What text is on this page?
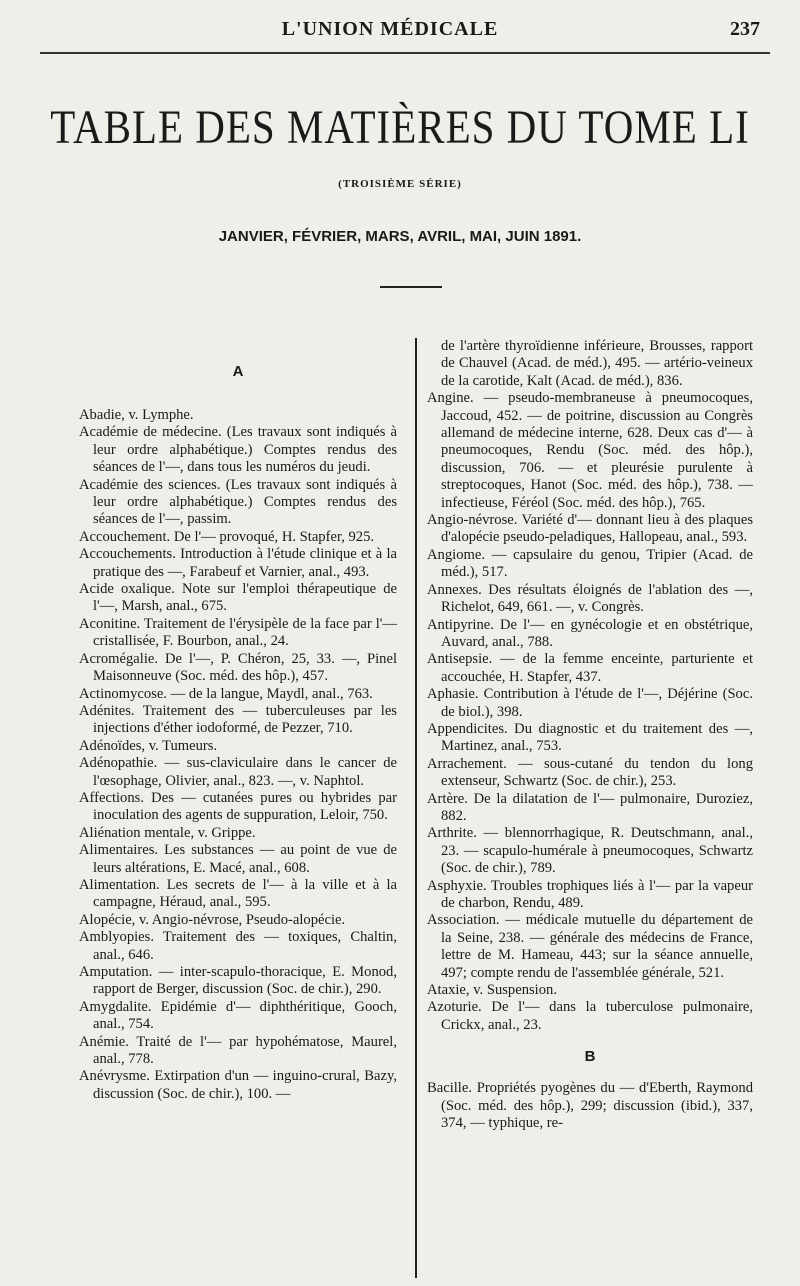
L'UNION MÉDICALE	237
TABLE DES MATIÈRES DU TOME LI
(TROISIÈME SÉRIE)
JANVIER, FÉVRIER, MARS, AVRIL, MAI, JUIN 1891.

A

Abadie, v. Lymphe.

Académie de médecine. (Les travaux sont indiqués à leur ordre alphabétique.) Comptes rendus des séances de l'—, dans tous les numéros du jeudi.

Académie des sciences. (Les travaux sont indiqués à leur ordre alphabétique.) Comptes rendus des séances de l'—, passim.

Accouchement. De l'— provoqué, H. Stapfer, 925.

Accouchements. Introduction à l'étude clinique et à la pratique des —, Farabeuf et Varnier, anal., 493.

Acide oxalique. Note sur l'emploi thérapeutique de l'—, Marsh, anal., 675.

Aconitine. Traitement de l'érysipèle de la face par l'— cristallisée, F. Bourbon, anal., 24.

Acromégalie. De l'—, P. Chéron, 25, 33. —, Pinel Maisonneuve (Soc. méd. des hôp.), 457.

Actinomycose. — de la langue, Maydl, anal., 763.

Adénites. Traitement des — tuberculeuses par les injections d'éther iodoformé, de Pezzer, 710.

Adénoïdes, v. Tumeurs.

Adénopathie. — sus-claviculaire dans le cancer de l'œsophage, Olivier, anal., 823. —, v. Naphtol.

Affections. Des — cutanées pures ou hybrides par inoculation des agents de suppuration, Leloir, 750.

Aliénation mentale, v. Grippe.

Alimentaires. Les substances — au point de vue de leurs altérations, E. Macé, anal., 608.

Alimentation. Les secrets de l'— à la ville et à la campagne, Héraud, anal., 595.

Alopécie, v. Angio-névrose, Pseudo-alopécie.

Amblyopies. Traitement des — toxiques, Chaltin, anal., 646.

Amputation. — inter-scapulo-thoracique, E. Monod, rapport de Berger, discussion (Soc. de chir.), 290.

Amygdalite. Epidémie d'— diphthéritique, Gooch, anal., 754.

Anémie. Traité de l'— par hypohématose, Maurel, anal., 778.

Anévrysme. Extirpation d'un — inguino-crural, Bazy, discussion (Soc. de chir.), 100. —

de l'artère thyroïdienne inférieure, Brousses, rapport de Chauvel (Acad. de méd.), 495. — artério-veineux de la carotide, Kalt (Acad. de méd.), 836.

Angine. — pseudo-membraneuse à pneumocoques, Jaccoud, 452. — de poitrine, discussion au Congrès allemand de médecine interne, 628. Deux cas d'— à pneumocoques, Rendu (Soc. méd. des hôp.), discussion, 706. — et pleurésie purulente à streptocoques, Hanot (Soc. méd. des hôp.), 738. — infectieuse, Féréol (Soc. méd. des hôp.), 765.

Angio-névrose. Variété d'— donnant lieu à des plaques d'alopécie pseudo-peladiques, Hallopeau, anal., 593.

Angiome. — capsulaire du genou, Tripier (Acad. de méd.), 517.

Annexes. Des résultats éloignés de l'ablation des —, Richelot, 649, 661. —, v. Congrès.

Antipyrine. De l'— en gynécologie et en obstétrique, Auvard, anal., 788.

Antisepsie. — de la femme enceinte, parturiente et accouchée, H. Stapfer, 437.

Aphasie. Contribution à l'étude de l'—, Déjérine (Soc. de biol.), 398.

Appendicites. Du diagnostic et du traitement des —, Martinez, anal., 753.

Arrachement. — sous-cutané du tendon du long extenseur, Schwartz (Soc. de chir.), 253.

Artère. De la dilatation de l'— pulmonaire, Duroziez, 882.

Arthrite. — blennorrhagique, R. Deutschmann, anal., 23. — scapulo-humérale à pneumocoques, Schwartz (Soc. de chir.), 789.

Asphyxie. Troubles trophiques liés à l'— par la vapeur de charbon, Rendu, 489.

Association. — médicale mutuelle du département de la Seine, 238. — générale des médecins de France, lettre de M. Hameau, 443; sur la séance annuelle, 497; compte rendu de l'assemblée générale, 521.

Ataxie, v. Suspension.

Azoturie. De l'— dans la tuberculose pulmonaire, Crickx, anal., 23.

B

Bacille. Propriétés pyogènes du — d'Eberth, Raymond (Soc. méd. des hôp.), 299; discussion (ibid.), 337, 374, — typhique, re-
